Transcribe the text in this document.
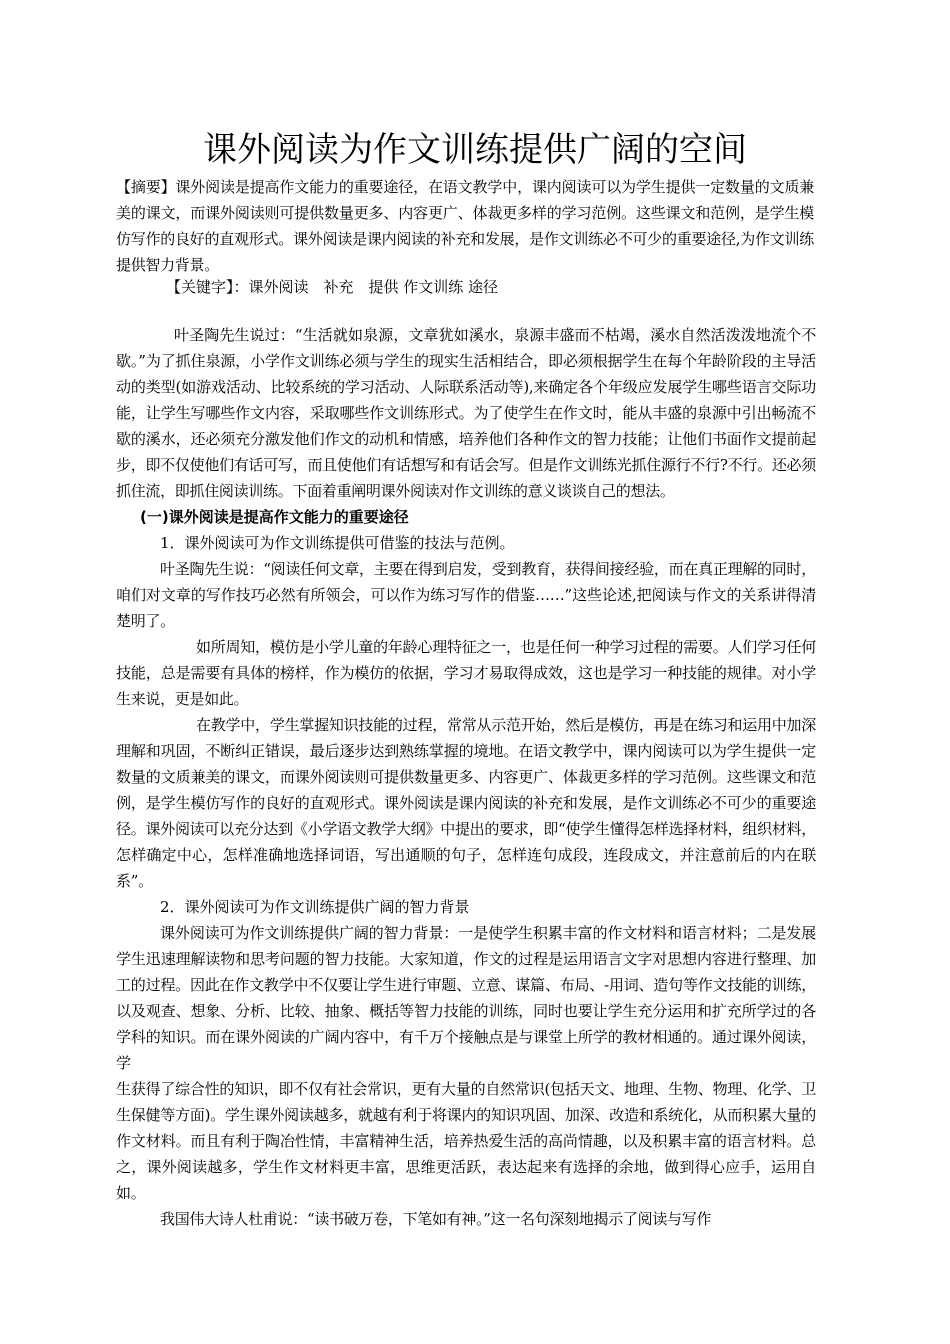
课外阅读为作文训练提供广阔的空间

【摘要】课外阅读是提高作文能力的重要途径，在语文教学中，课内阅读可以为学生提供一定数量的文质兼美的课文，而课外阅读则可提供数量更多、内容更广、体裁更多样的学习范例。这些课文和范例，是学生模仿写作的良好的直观形式。课外阅读是课内阅读的补充和发展，是作文训练必不可少的重要途径,为作文训练提供智力背景。

【关键字】：课外阅读　补充　提供 作文训练 途径

叶圣陶先生说过：“生活就如泉源，文章犹如溪水，泉源丰盛而不枯竭，溪水自然活泼泼地流个不歇。”为了抓住泉源，小学作文训练必须与学生的现实生活相结合，即必须根据学生在每个年龄阶段的主导活动的类型(如游戏活动、比较系统的学习活动、人际联系活动等),来确定各个年级应发展学生哪些语言交际功能，让学生写哪些作文内容，采取哪些作文训练形式。为了使学生在作文时，能从丰盛的泉源中引出畅流不歇的溪水，还必须充分激发他们作文的动机和情感，培养他们各种作文的智力技能；让他们书面作文提前起步，即不仅使他们有话可写，而且使他们有话想写和有话会写。但是作文训练光抓住源行不行?不行。还必须抓住流，即抓住阅读训练。下面着重阐明课外阅读对作文训练的意义谈谈自己的想法。

(一)课外阅读是提高作文能力的重要途径

1．课外阅读可为作文训练提供可借鉴的技法与范例。

叶圣陶先生说：“阅读任何文章，主要在得到启发，受到教育，获得间接经验，而在真正理解的同时，咱们对文章的写作技巧必然有所领会，可以作为练习写作的借鉴……”这些论述,把阅读与作文的关系讲得清楚明了。

如所周知，模仿是小学儿童的年龄心理特征之一，也是任何一种学习过程的需要。人们学习任何技能，总是需要有具体的榜样，作为模仿的依据，学习才易取得成效，这也是学习一种技能的规律。对小学生来说，更是如此。

在教学中，学生掌握知识技能的过程，常常从示范开始，然后是模仿，再是在练习和运用中加深理解和巩固，不断纠正错误，最后逐步达到熟练掌握的境地。在语文教学中，课内阅读可以为学生提供一定数量的文质兼美的课文，而课外阅读则可提供数量更多、内容更广、体裁更多样的学习范例。这些课文和范例，是学生模仿写作的良好的直观形式。课外阅读是课内阅读的补充和发展，是作文训练必不可少的重要途径。课外阅读可以充分达到《小学语文教学大纲》中提出的要求，即“使学生懂得怎样选择材料，组织材料，怎样确定中心，怎样准确地选择词语，写出通顺的句子，怎样连句成段，连段成文，并注意前后的内在联系”。

2．课外阅读可为作文训练提供广阔的智力背景

课外阅读可为作文训练提供广阔的智力背景：一是使学生积累丰富的作文材料和语言材料；二是发展学生迅速理解读物和思考问题的智力技能。大家知道，作文的过程是运用语言文字对思想内容进行整理、加工的过程。因此在作文教学中不仅要让学生进行审题、立意、谋篇、布局、-用词、造句等作文技能的训练，以及观查、想象、分析、比较、抽象、概括等智力技能的训练，同时也要让学生充分运用和扩充所学过的各学科的知识。而在课外阅读的广阔内容中，有千万个接触点是与课堂上所学的教材相通的。通过课外阅读，学

生获得了综合性的知识，即不仅有社会常识，更有大量的自然常识(包括天文、地理、生物、物理、化学、卫生保健等方面)。学生课外阅读越多，就越有利于将课内的知识巩固、加深、改造和系统化，从而积累大量的作文材料。而且有利于陶冶性情，丰富精神生活，培养热爱生活的高尚情趣，以及积累丰富的语言材料。总之，课外阅读越多，学生作文材料更丰富，思维更活跃，表达起来有选择的余地，做到得心应手，运用自如。

我国伟大诗人杜甫说：“读书破万卷，下笔如有神。”这一名句深刻地揭示了阅读与写作
